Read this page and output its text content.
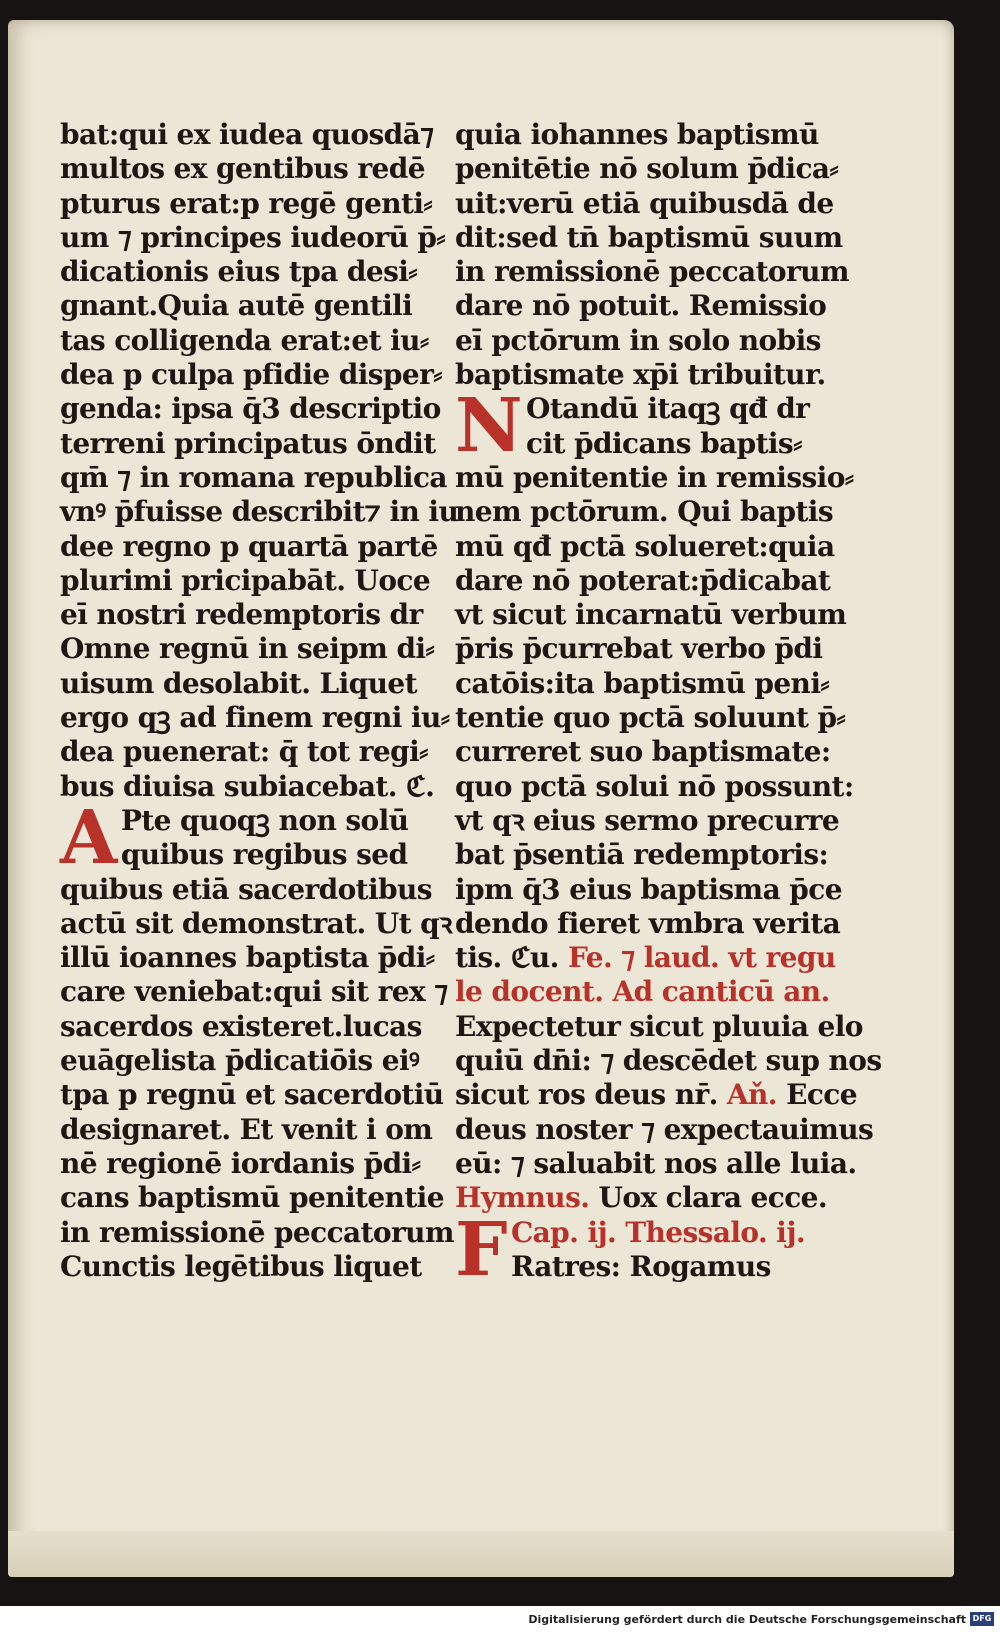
bat:qui ex iudea quosdā⁊
multos ex gentibus redē
pturus erat:p regē genti⸗
um ⁊ principes iudeorū p̄⸗
dicationis eius tpa desi⸗
gnant.Quia autē gentili
tas colligenda erat:et iu⸗
dea p culpa pfidie disper⸗
genda: ipsa q̄3 descriptio
terreni principatus ōndit
qm̄ ⁊ in romana republica
vnꝰ p̄fuisse describit⁊ in iu
dee regno p quartā partē
plurimi pricipabāt. Uoce
eī nostri redemptoris dr
Omne regnū in seipm di⸗
uisum desolabit. Liquet
ergo qꝫ ad finem regni iu⸗
dea puenerat: q̄ tot regi⸗
bus diuisa subiacebat. ℭ.
A Pte quoqꝫ non solū
quibus regibus sed
quibus etiā sacerdotibus
actū sit demonstrat. Ut qꝛ
illū ioannes baptista p̄di⸗
care veniebat:qui sit rex ⁊
sacerdos existeret.lucas
euāgelista p̄dicatiōis eiꝰ
tpa p regnū et sacerdotiū
designaret. Et venit i om
nē regionē iordanis p̄di⸗
cans baptismū penitentie
in remissionē peccatorum
Cunctis legētibus liquet
quia iohannes baptismū
penitētie nō solum p̄dica⸗
uit:verū etiā quibusdā de
dit:sed tn̄ baptismū suum
in remissionē peccatorum
dare nō potuit. Remissio
eī pctōrum in solo nobis
baptismate xp̄i tribuitur.
N Otandū itaqꝫ qđ dr
cit p̄dicans baptis⸗
mū penitentie in remissio⸗
nem pctōrum. Qui baptis
mū qđ pctā solueret:quia
dare nō poterat:p̄dicabat
vt sicut incarnatū verbum
p̄ris p̄currebat verbo p̄di
catōis:ita baptismū peni⸗
tentie quo pctā soluunt p̄⸗
curreret suo baptismate:
quo pctā solui nō possunt:
vt qꝛ eius sermo precurre
bat p̄sentiā redemptoris:
ipm q̄3 eius baptisma p̄ce
dendo fieret vmbra verita
tis. ℭu. Fe. ⁊ laud. vt regu
le docent. Ad canticū an.
Expectetur sicut pluuia elo
quiū dn̄i: ⁊ descēdet sup nos
sicut ros deus nr̄. Aň. Ecce
deus noster ⁊ expectauimus
eū: ⁊ saluabit nos alle luia.
Hymnus. Uox clara ecce.
F Cap. ij. Thessalo. ij.
Ratres: Rogamus
Digitalisierung gefördert durch die Deutsche Forschungsgemeinschaft DFG
